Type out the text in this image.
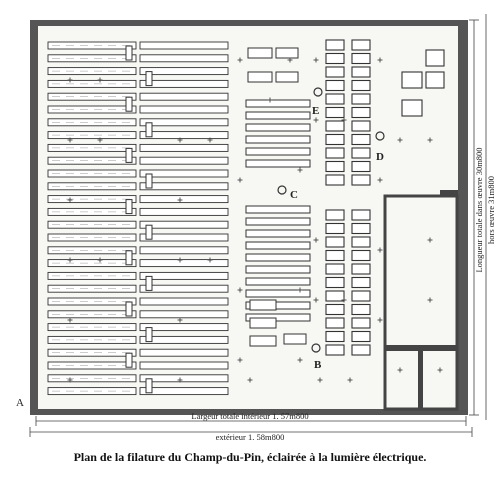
A
B
C
D
E
Largeur totale intérieur 1. 57m800
extérieur 1. 58m800
Longueur totale dans œuvre 30m800 hors œuvre 31m800
Plan de la filature du Champ-du-Pin, éclairée à la lumière électrique.
